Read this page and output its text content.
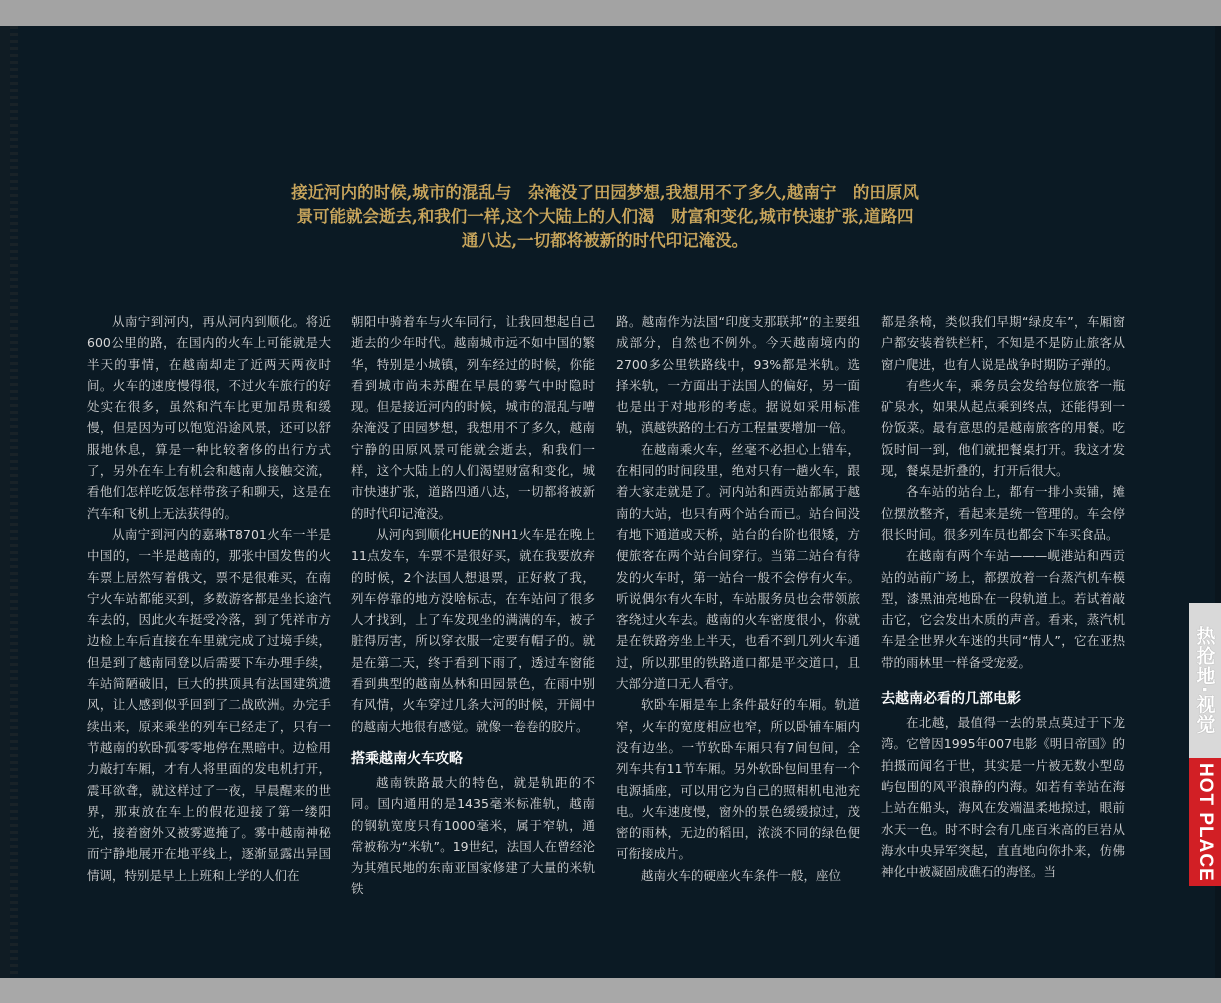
接近河内的时候,城市的混乱与　杂淹没了田园梦想,我想用不了多久,越南宁　的田原风
景可能就会逝去,和我们一样,这个大陆上的人们渴　财富和变化,城市快速扩张,道路四
通八达,一切都将被新的时代印记淹没。

从南宁到河内，再从河内到顺化。将近600公里的路，在国内的火车上可能就是大半天的事情，在越南却走了近两天两夜时间。火车的速度慢得很，不过火车旅行的好处实在很多，虽然和汽车比更加昂贵和缓慢，但是因为可以饱览沿途风景，还可以舒服地休息，算是一种比较奢侈的出行方式了，另外在车上有机会和越南人接触交流，看他们怎样吃饭怎样带孩子和聊天，这是在汽车和飞机上无法获得的。

从南宁到河内的嘉琳T8701火车一半是中国的，一半是越南的，那张中国发售的火车票上居然写着俄文，票不是很难买，在南宁火车站都能买到，多数游客都是坐长途汽车去的，因此火车挺受冷落，到了凭祥市方边检上车后直接在车里就完成了过境手续，但是到了越南同登以后需要下车办理手续，车站简陋破旧，巨大的拱顶具有法国建筑遗风，让人感到似乎回到了二战欧洲。办完手续出来，原来乘坐的列车已经走了，只有一节越南的软卧孤零零地停在黑暗中。边检用力敲打车厢，才有人将里面的发电机打开，震耳欲聋，就这样过了一夜，早晨醒来的世界，那束放在车上的假花迎接了第一缕阳光，接着窗外又被雾遮掩了。雾中越南神秘而宁静地展开在地平线上，逐渐显露出异国情调，特别是早上上班和上学的人们在

朝阳中骑着车与火车同行，让我回想起自己逝去的少年时代。越南城市远不如中国的繁华，特别是小城镇，列车经过的时候，你能看到城市尚未苏醒在早晨的雾气中时隐时现。但是接近河内的时候，城市的混乱与嘈杂淹没了田园梦想，我想用不了多久，越南宁静的田原风景可能就会逝去，和我们一样，这个大陆上的人们渴望财富和变化，城市快速扩张，道路四通八达，一切都将被新的时代印记淹没。

从河内到顺化HUE的NH1火车是在晚上11点发车，车票不是很好买，就在我要放弃的时候，2个法国人想退票，正好救了我，列车停靠的地方没啥标志，在车站问了很多人才找到，上了车发现坐的满满的车，被子脏得厉害，所以穿衣服一定要有帽子的。就是在第二天，终于看到下雨了，透过车窗能看到典型的越南丛林和田园景色，在雨中别有风情，火车穿过几条大河的时候，开阔中的越南大地很有感觉。就像一卷卷的胶片。

搭乘越南火车攻略

越南铁路最大的特色，就是轨距的不同。国内通用的是1435毫米标准轨，越南的钢轨宽度只有1000毫米，属于窄轨，通常被称为“米轨”。19世纪，法国人在曾经沦为其殖民地的东南亚国家修建了大量的米轨铁

路。越南作为法国“印度支那联邦”的主要组成部分，自然也不例外。今天越南境内的2700多公里铁路线中，93%都是米轨。选择米轨，一方面出于法国人的偏好，另一面也是出于对地形的考虑。据说如采用标准轨，滇越铁路的土石方工程量要增加一倍。

在越南乘火车，丝毫不必担心上错车，在相同的时间段里，绝对只有一趟火车，跟着大家走就是了。河内站和西贡站都属于越南的大站，也只有两个站台而已。站台间没有地下通道或天桥，站台的台阶也很矮，方便旅客在两个站台间穿行。当第二站台有待发的火车时，第一站台一般不会停有火车。听说偶尔有火车时，车站服务员也会带领旅客绕过火车去。越南的火车密度很小，你就是在铁路旁坐上半天，也看不到几列火车通过，所以那里的铁路道口都是平交道口，且大部分道口无人看守。

软卧车厢是车上条件最好的车厢。轨道窄，火车的宽度相应也窄，所以卧铺车厢内没有边坐。一节软卧车厢只有7间包间，全列车共有11节车厢。另外软卧包间里有一个电源插座，可以用它为自己的照相机电池充电。火车速度慢，窗外的景色缓缓掠过，茂密的雨林，无边的稻田，浓淡不同的绿色便可衔接成片。

越南火车的硬座火车条件一般，座位

都是条椅，类似我们早期“绿皮车”，车厢窗户都安装着铁栏杆，不知是不是防止旅客从窗户爬进，也有人说是战争时期防子弹的。

有些火车，乘务员会发给每位旅客一瓶矿泉水，如果从起点乘到终点，还能得到一份饭菜。最有意思的是越南旅客的用餐。吃饭时间一到，他们就把餐桌打开。我这才发现，餐桌是折叠的，打开后很大。

各车站的站台上，都有一排小卖铺，摊位摆放整齐，看起来是统一管理的。车会停很长时间。很多列车员也都会下车买食品。

在越南有两个车站———岘港站和西贡站的站前广场上，都摆放着一台蒸汽机车模型，漆黑油亮地卧在一段轨道上。若试着敲击它，它会发出木质的声音。看来，蒸汽机车是全世界火车迷的共同“情人”，它在亚热带的雨林里一样备受宠爱。

去越南必看的几部电影

在北越，最值得一去的景点莫过于下龙湾。它曾因1995年007电影《明日帝国》的拍摄而闻名于世，其实是一片被无数小型岛屿包围的风平浪静的内海。如若有幸站在海上站在船头，海风在发端温柔地掠过，眼前水天一色。时不时会有几座百米高的巨岩从海水中央异军突起，直直地向你扑来，仿佛神化中被凝固成礁石的海怪。当

热抢地·视觉
HOT PLACE
